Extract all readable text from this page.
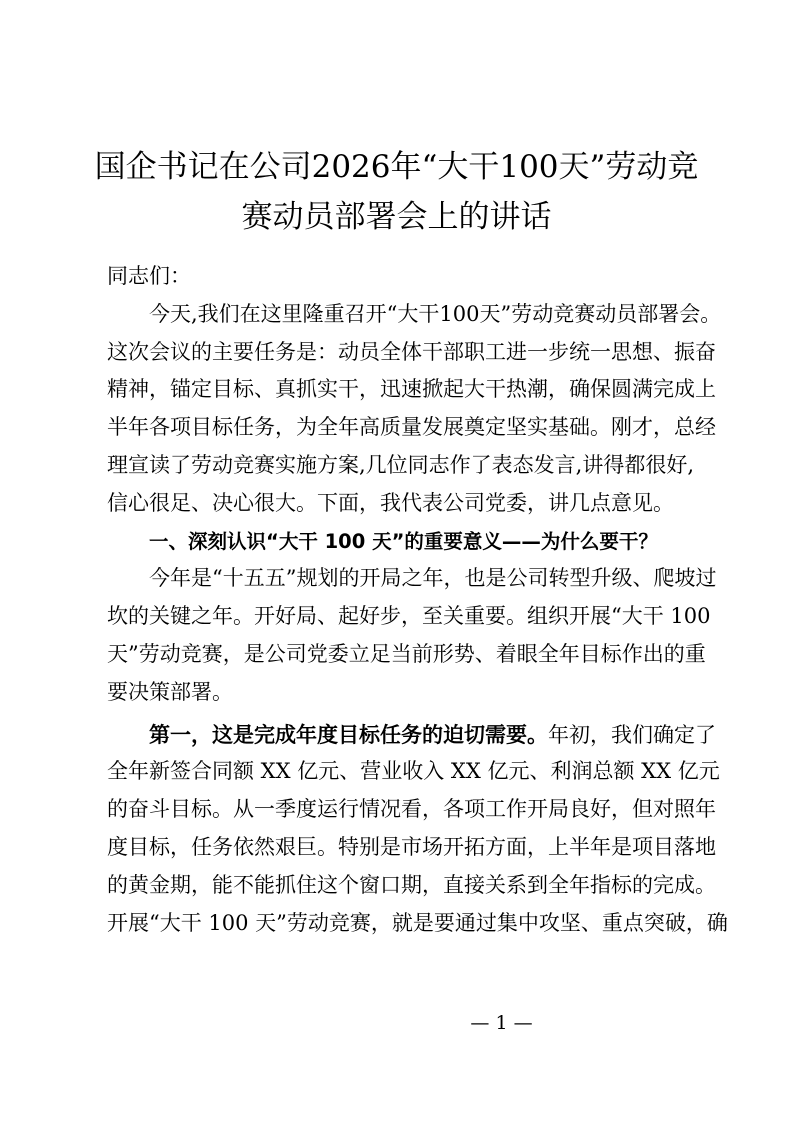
国企书记在公司2026年“大干100天”劳动竞
赛动员部署会上的讲话
同志们：
今天,我们在这里隆重召开“大干100天”劳动竞赛动员部署会。
这次会议的主要任务是：动员全体干部职工进一步统一思想、振奋
精神，锚定目标、真抓实干，迅速掀起大干热潮，确保圆满完成上
半年各项目标任务，为全年高质量发展奠定坚实基础。刚才，总经
理宣读了劳动竞赛实施方案,几位同志作了表态发言,讲得都很好,
信心很足、决心很大。下面，我代表公司党委，讲几点意见。
一、深刻认识“大干 100 天”的重要意义——为什么要干？
今年是“十五五”规划的开局之年，也是公司转型升级、爬坡过
坎的关键之年。开好局、起好步，至关重要。组织开展“大干 100
天”劳动竞赛，是公司党委立足当前形势、着眼全年目标作出的重
要决策部署。
第一，这是完成年度目标任务的迫切需要。年初，我们确定了
全年新签合同额 XX 亿元、营业收入 XX 亿元、利润总额 XX 亿元
的奋斗目标。从一季度运行情况看，各项工作开局良好，但对照年
度目标，任务依然艰巨。特别是市场开拓方面，上半年是项目落地
的黄金期，能不能抓住这个窗口期，直接关系到全年指标的完成。
开展“大干 100 天”劳动竞赛，就是要通过集中攻坚、重点突破，确
— 1 —
